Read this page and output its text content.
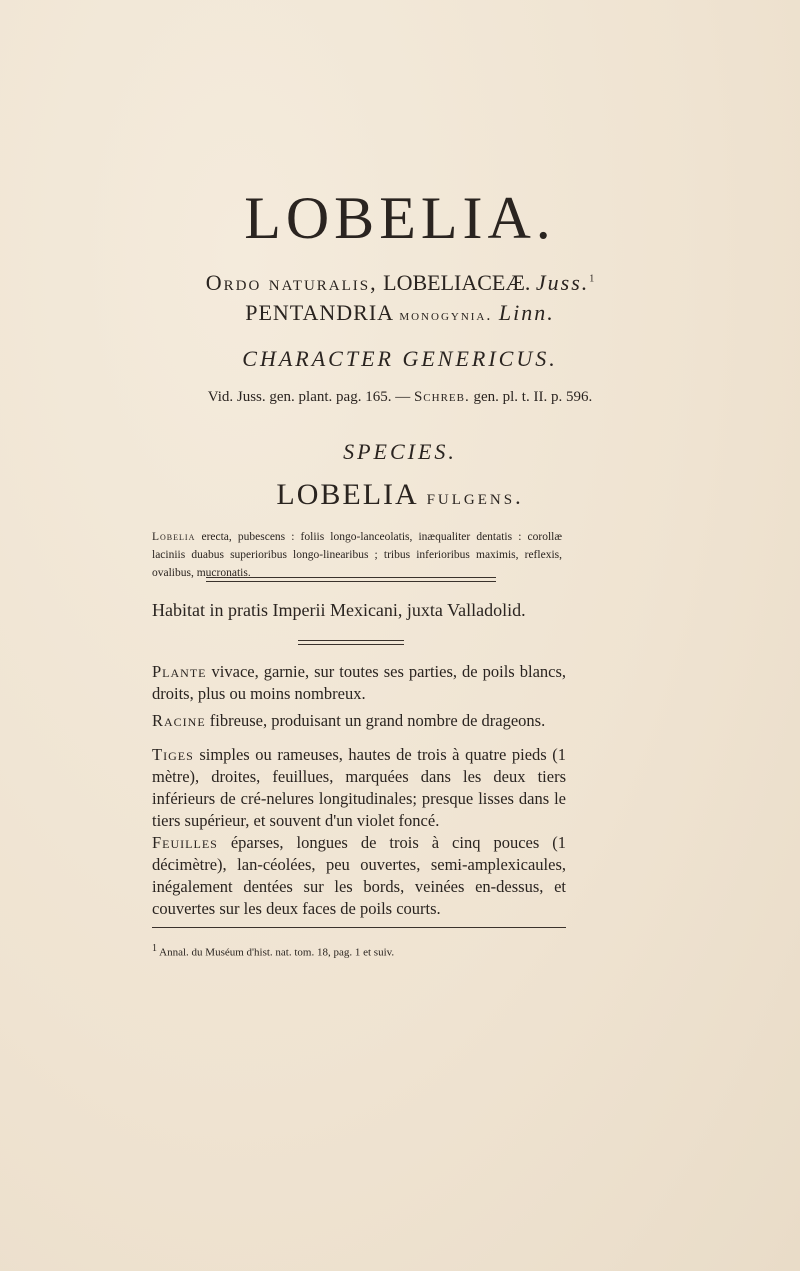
LOBELIA.
Ordo naturalis, LOBELIACEÆ. Juss.$^1$
PENTANDRIA monogynia. Linn.
CHARACTER GENERICUS.
Vid. Juss. gen. plant. pag. 165. — Schreb. gen. pl. t. II. p. 596.
SPECIES.
LOBELIA fulgens.
Lobelia erecta, pubescens : foliis longo-lanceolatis, inæqualiter dentatis : corollæ laciniis duabus superioribus longo-linearibus ; tribus inferioribus maximis, reflexis, ovalibus, mucronatis.
Habitat in pratis Imperii Mexicani, juxta Valladolid.
Plante vivace, garnie, sur toutes ses parties, de poils blancs, droits, plus ou moins nombreux.
Racine fibreuse, produisant un grand nombre de drageons.
Tiges simples ou rameuses, hautes de trois à quatre pieds (1 mètre), droites, feuillues, marquées dans les deux tiers inférieurs de cré-nelures longitudinales; presque lisses dans le tiers supérieur, et souvent d'un violet foncé.
Feuilles éparses, longues de trois à cinq pouces (1 décimètre), lan-céolées, peu ouvertes, semi-amplexicaules, inégalement dentées sur les bords, veinées en-dessus, et couvertes sur les deux faces de poils courts.
$^1$ Annal. du Muséum d'hist. nat. tom. 18, pag. 1 et suiv.
